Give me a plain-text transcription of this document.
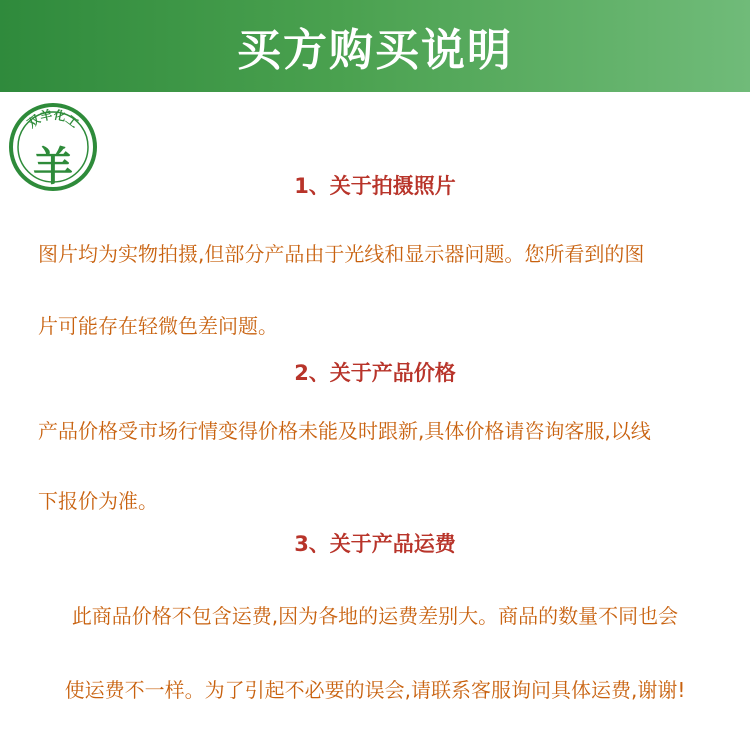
买方购买说明
双羊化工
羊	1、关于拍摄照片
图片均为实物拍摄,但部分产品由于光线和显示器问题。您所看到的图
片可能存在轻微色差问题。
2、关于产品价格
产品价格受市场行情变得价格未能及时跟新,具体价格请咨询客服,以线
下报价为准。
3、关于产品运费
此商品价格不包含运费,因为各地的运费差别大。商品的数量不同也会
使运费不一样。为了引起不必要的误会,请联系客服询问具体运费,谢谢!
